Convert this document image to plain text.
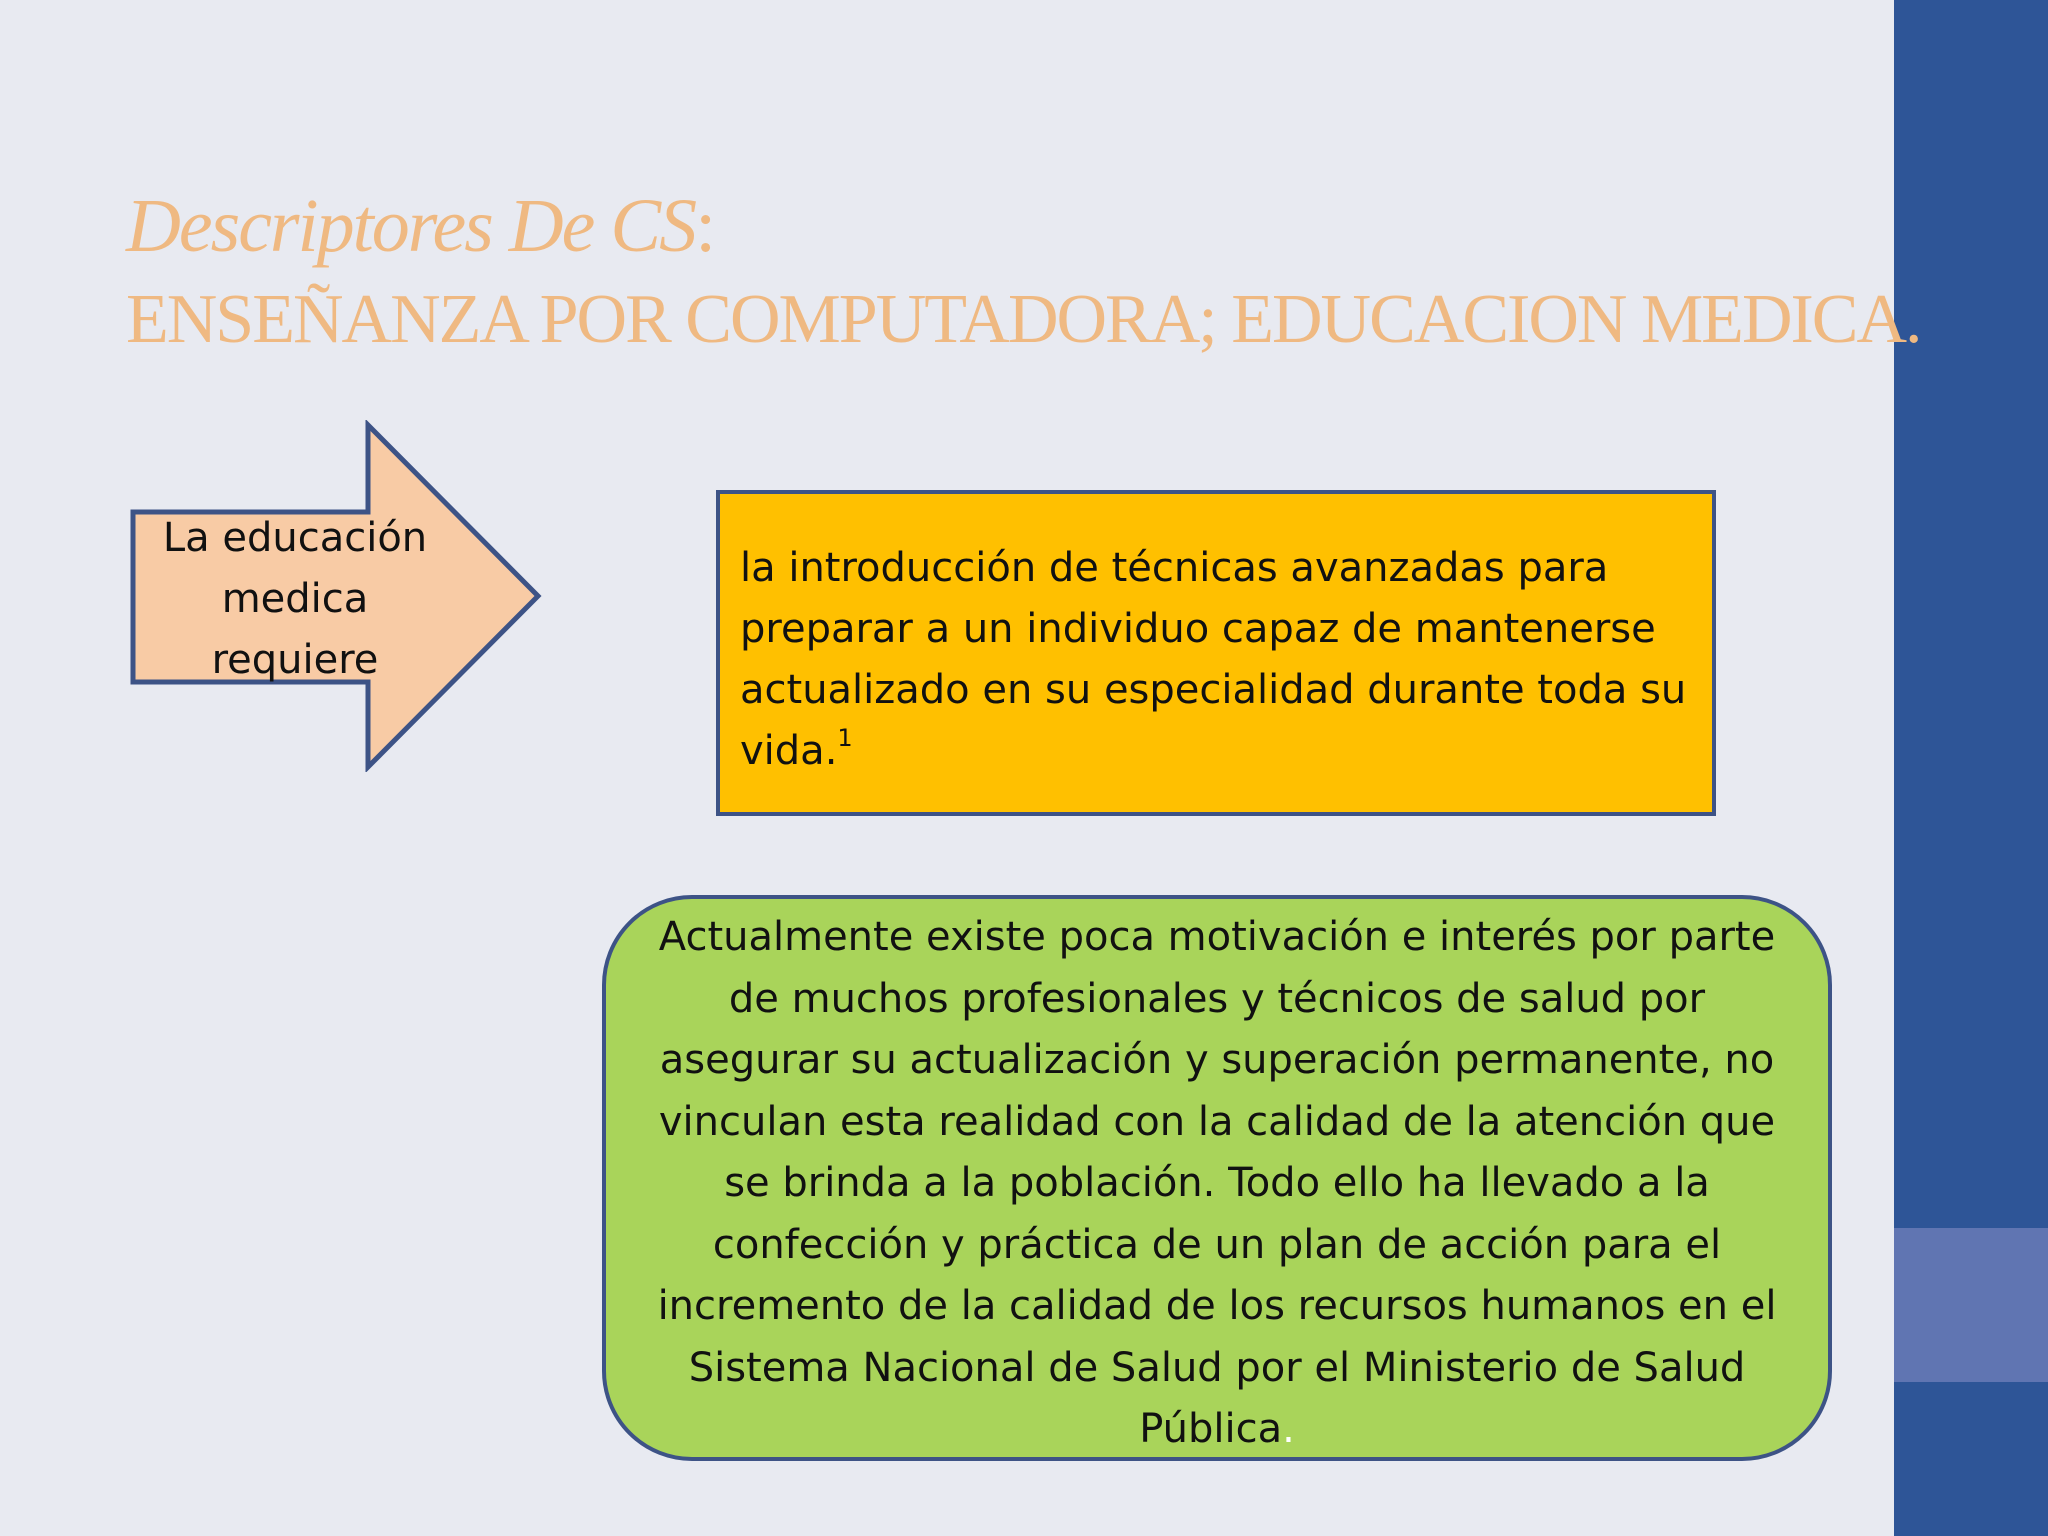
Descriptores De CS:
ENSEÑANZA POR COMPUTADORA; EDUCACION MEDICA.
La educación medica requiere
la introducción de técnicas avanzadas para preparar a un individuo capaz de mantenerse actualizado en su especialidad durante toda su vida.$^1$
Actualmente existe poca motivación e interés por parte de muchos profesionales y técnicos de salud por asegurar su actualización y superación permanente, no vinculan esta realidad con la calidad de la atención que se brinda a la población. Todo ello ha llevado a la confección y práctica de un plan de acción para el incremento de la calidad de los recursos humanos en el Sistema Nacional de Salud por el Ministerio de Salud Pública.
